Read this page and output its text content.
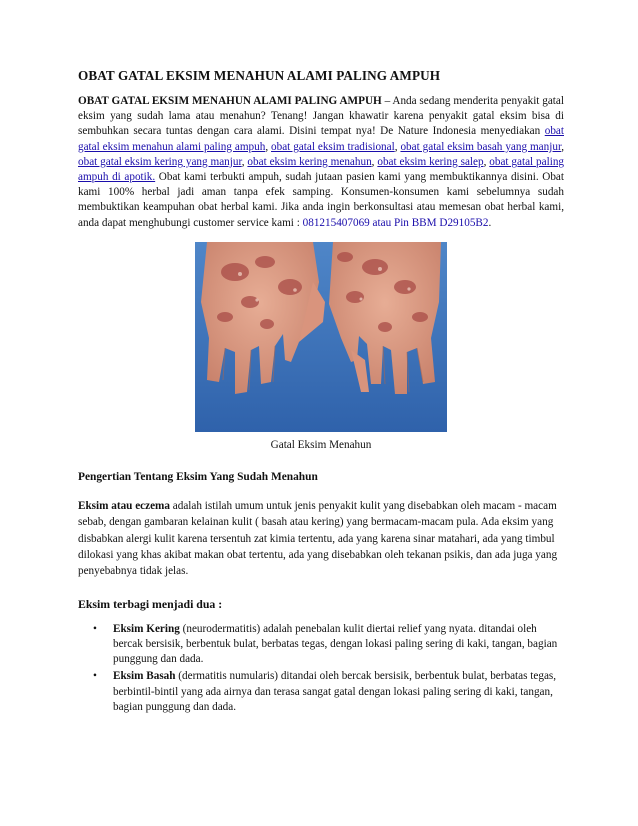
OBAT GATAL EKSIM MENAHUN ALAMI PALING AMPUH

OBAT GATAL EKSIM MENAHUN ALAMI PALING AMPUH – Anda sedang menderita penyakit gatal eksim yang sudah lama atau menahun? Tenang! Jangan khawatir karena penyakit gatal eksim bisa di sembuhkan secara tuntas dengan cara alami. Disini tempat nya! De Nature Indonesia menyediakan obat gatal eksim menahun alami paling ampuh, obat gatal eksim tradisional, obat gatal eksim basah yang manjur, obat gatal eksim kering yang manjur, obat eksim kering menahun, obat eksim kering salep, obat gatal paling ampuh di apotik. Obat kami terbukti ampuh, sudah jutaan pasien kami yang membuktikannya disini. Obat kami 100% herbal jadi aman tanpa efek samping. Konsumen-konsumen kami sebelumnya sudah membuktikan keampuhan obat herbal kami. Jika anda ingin berkonsultasi atau memesan obat herbal kami, anda dapat menghubungi customer service kami : 081215407069 atau Pin BBM D29105B2.

Gatal Eksim Menahun
Pengertian Tentang Eksim Yang Sudah Menahun

Eksim atau eczema adalah istilah umum untuk jenis penyakit kulit yang disebabkan oleh macam - macam sebab, dengan gambaran kelainan kulit ( basah atau kering) yang bermacam-macam pula. Ada eksim yang disbabkan alergi kulit karena tersentuh zat kimia tertentu, ada yang karena sinar matahari, ada yang timbul dilokasi yang khas akibat makan obat tertentu, ada yang disebabkan oleh tekanan psikis, dan ada juga yang penyebabnya tidak jelas.

Eksim terbagi menjadi dua :
• Eksim Kering (neurodermatitis) adalah penebalan kulit diertai relief yang nyata. ditandai oleh bercak bersisik, berbentuk bulat, berbatas tegas, dengan lokasi paling sering di kaki, tangan, bagian punggung dan dada.
• Eksim Basah (dermatitis numularis) ditandai oleh bercak bersisik, berbentuk bulat, berbatas tegas, berbintil-bintil yang ada airnya dan terasa sangat gatal dengan lokasi paling sering di kaki, tangan, bagian punggung dan dada.
